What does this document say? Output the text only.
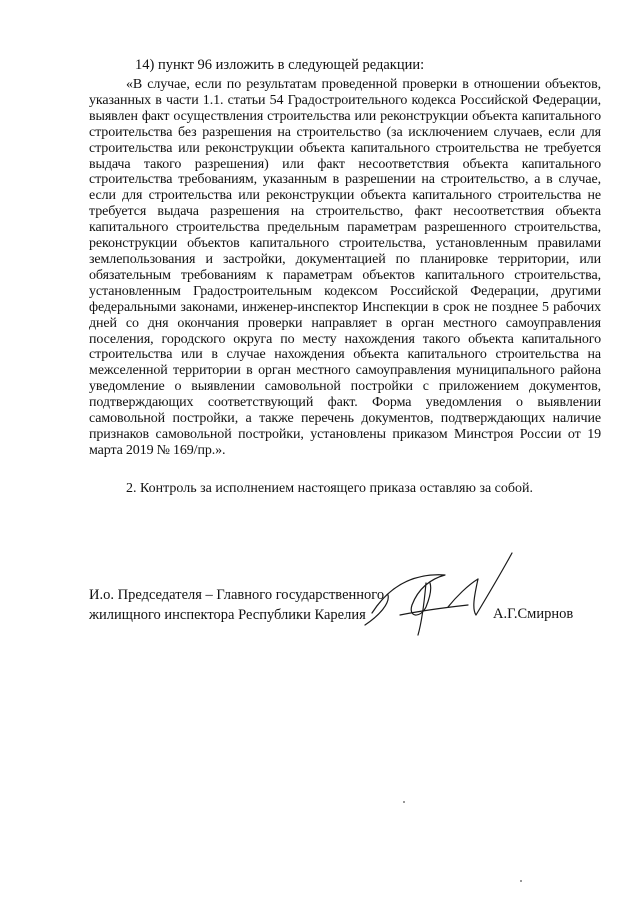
14) пункт 96 изложить в следующей редакции:
«В случае, если по результатам проведенной проверки в отношении объектов, указанных в части 1.1. статьи 54 Градостроительного кодекса Российской Федерации, выявлен факт осуществления строительства или реконструкции объекта капитального строительства без разрешения на строительство (за исключением случаев, если для строительства или реконструкции объекта капитального строительства не требуется выдача такого разрешения) или факт несоответствия объекта капитального строительства требованиям, указанным в разрешении на строительство, а в случае, если для строительства или реконструкции объекта капитального строительства не требуется выдача разрешения на строительство, факт несоответствия объекта капитального строительства предельным параметрам разрешенного строительства, реконструкции объектов капитального строительства, установленным правилами землепользования и застройки, документацией по планировке территории, или обязательным требованиям к параметрам объектов капитального строительства, установленным Градостроительным кодексом Российской Федерации, другими федеральными законами, инженер-инспектор Инспекции в срок не позднее 5 рабочих дней со дня окончания проверки направляет в орган местного самоуправления поселения, городского округа по месту нахождения такого объекта капитального строительства или в случае нахождения объекта капитального строительства на межселенной территории в орган местного самоуправления муниципального района уведомление о выявлении самовольной постройки с приложением документов, подтверждающих соответствующий факт. Форма уведомления о выявлении самовольной постройки, а также перечень документов, подтверждающих наличие признаков самовольной постройки, установлены приказом Минстроя России от 19 марта 2019 № 169/пр.».
2. Контроль за исполнением настоящего приказа оставляю за собой.
И.о. Председателя – Главного государственного
жилищного инспектора Республики Карелия	А.Г.Смирнов
